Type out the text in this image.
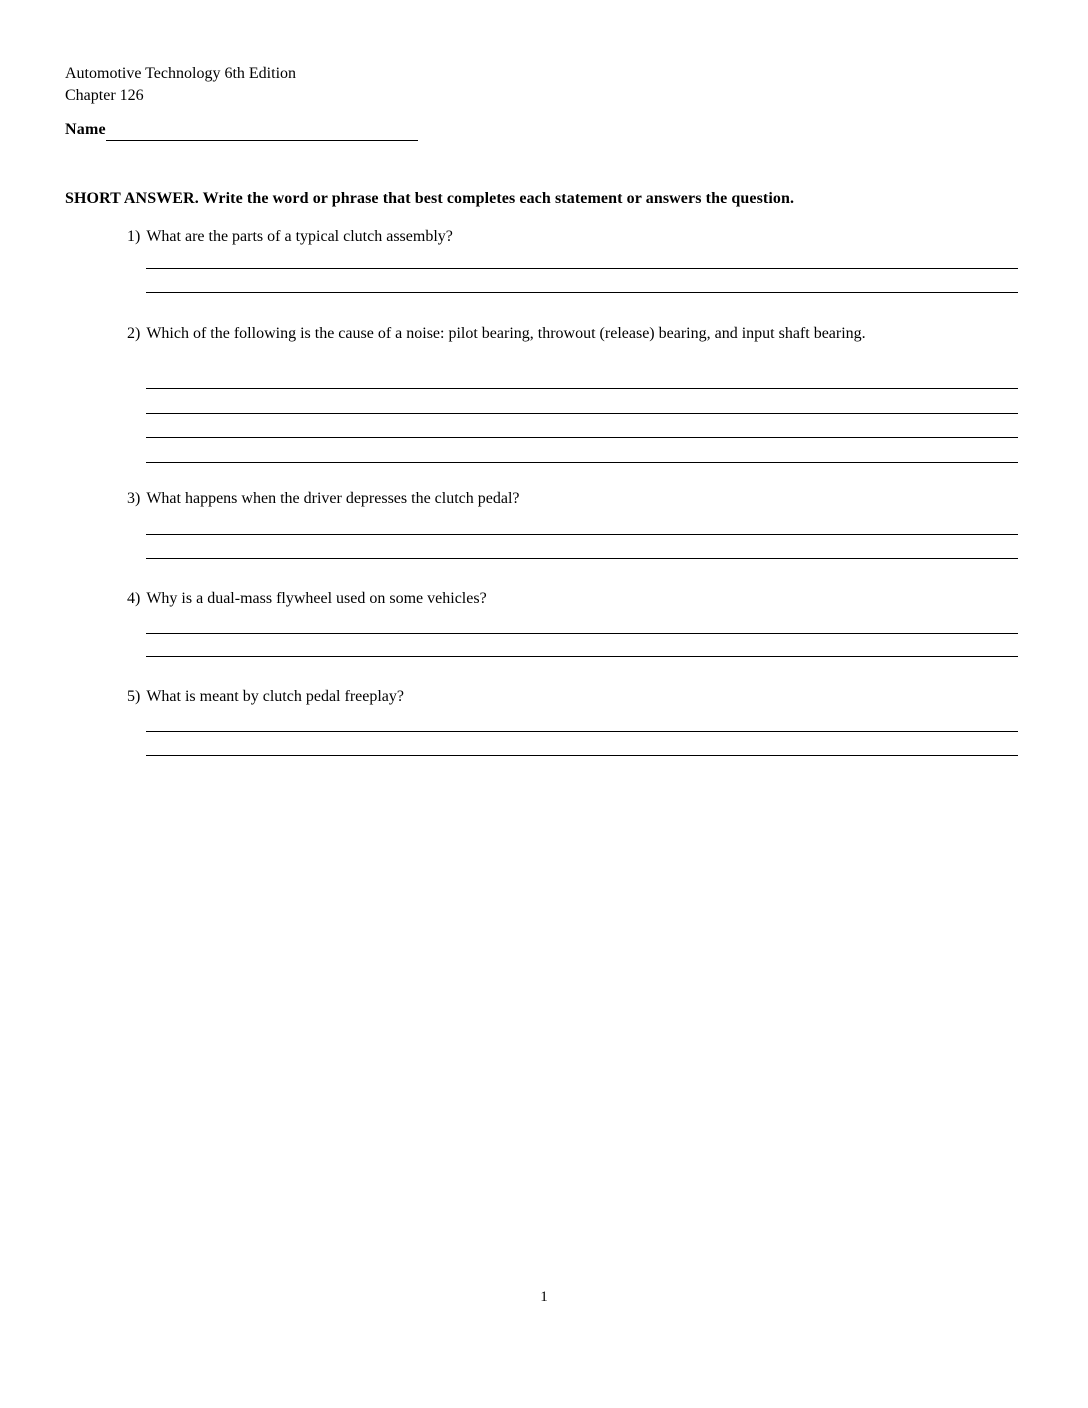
Automotive Technology 6th Edition
Chapter 126
Name
SHORT ANSWER. Write the word or phrase that best completes each statement or answers the question.
1) What are the parts of a typical clutch assembly?
2) Which of the following is the cause of a noise: pilot bearing, throwout (release) bearing, and input shaft bearing.
3) What happens when the driver depresses the clutch pedal?
4) Why is a dual-mass flywheel used on some vehicles?
5) What is meant by clutch pedal freeplay?
1
